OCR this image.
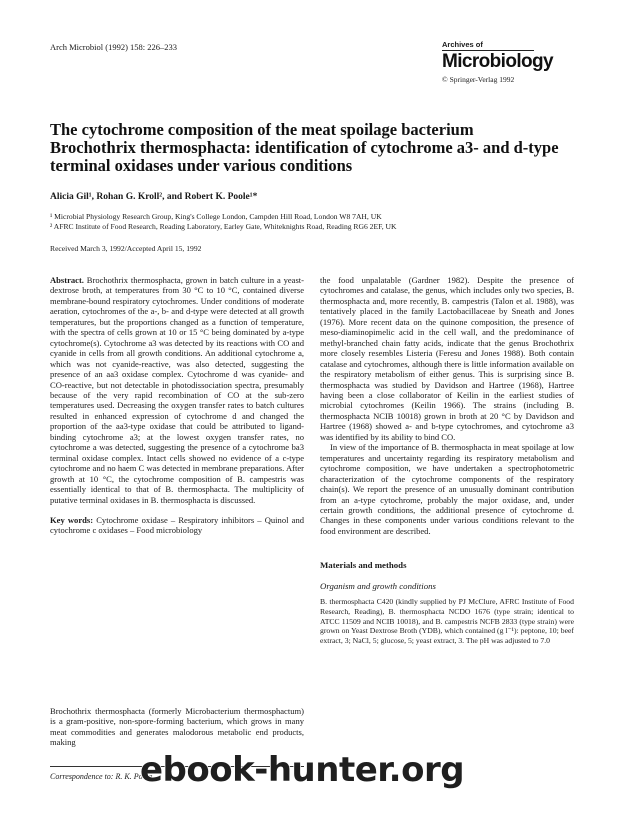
Arch Microbiol (1992) 158: 226–233	Archives of
Microbiology
© Springer-Verlag 1992
The cytochrome composition of the meat spoilage bacterium
Brochothrix thermosphacta: identification of cytochrome a3- and d-type
terminal oxidases under various conditions
Alicia Gil¹, Rohan G. Kroll², and Robert K. Poole¹*
¹ Microbial Physiology Research Group, King's College London, Campden Hill Road, London W8 7AH, UK
² AFRC Institute of Food Research, Reading Laboratory, Earley Gate, Whiteknights Road, Reading RG6 2EF, UK
Received March 3, 1992/Accepted April 15, 1992

Abstract. Brochothrix thermosphacta, grown in batch culture in a yeast-dextrose broth, at temperatures from 30 °C to 10 °C, contained diverse membrane-bound respiratory cytochromes. Under conditions of moderate aeration, cytochromes of the a-, b- and d-type were detected at all growth temperatures, but the proportions changed as a function of temperature, with the spectra of cells grown at 10 or 15 °C being dominated by a-type cytochrome(s). Cytochrome a3 was detected by its reactions with CO and cyanide in cells from all growth conditions. An additional cytochrome a, which was not cyanide-reactive, was also detected, suggesting the presence of an aa3 oxidase complex. Cytochrome d was cyanide- and CO-reactive, but not detectable in photodissociation spectra, presumably because of the very rapid recombination of CO at the sub-zero temperatures used. Decreasing the oxygen transfer rates to batch cultures resulted in enhanced expression of cytochrome d and changed the proportion of the aa3-type oxidase that could be attributed to ligand-binding cytochrome a3; at the lowest oxygen transfer rates, no cytochrome a was detected, suggesting the presence of a cytochrome ba3 terminal oxidase complex. Intact cells showed no evidence of a c-type cytochrome and no haem C was detected in membrane preparations. After growth at 10 °C, the cytochrome composition of B. campestris was essentially identical to that of B. thermosphacta. The multiplicity of putative terminal oxidases in B. thermosphacta is discussed.

Key words: Cytochrome oxidase – Respiratory inhibitors – Quinol and cytochrome c oxidases – Food microbiology

Brochothrix thermosphacta (formerly Microbacterium thermosphactum) is a gram-positive, non-spore-forming bacterium, which grows in many meat commodities and generates malodorous metabolic end products, making

Correspondence to: R. K. Poole

the food unpalatable (Gardner 1982). Despite the presence of cytochromes and catalase, the genus, which includes only two species, B. thermosphacta and, more recently, B. campestris (Talon et al. 1988), was tentatively placed in the family Lactobacillaceae by Sneath and Jones (1976). More recent data on the quinone composition, the presence of meso-diaminopimelic acid in the cell wall, and the predominance of methyl-branched chain fatty acids, indicate that the genus Brochothrix more closely resembles Listeria (Feresu and Jones 1988). Both contain catalase and cytochromes, although there is little information available on the respiratory metabolism of either genus. This is surprising since B. thermosphacta was studied by Davidson and Hartree (1968), Hartree having been a close collaborator of Keilin in the earliest studies of microbial cytochromes (Keilin 1966). The strains (including B. thermosphacta NCIB 10018) grown in broth at 20 °C by Davidson and Hartree (1968) showed a- and b-type cytochromes, and cytochrome a3 was identified by its ability to bind CO.

In view of the importance of B. thermosphacta in meat spoilage at low temperatures and uncertainty regarding its respiratory metabolism and cytochrome composition, we have undertaken a spectrophotometric characterization of the cytochrome components of the respiratory chain(s). We report the presence of an unusually dominant contribution from an a-type cytochrome, probably the major oxidase, and, under certain growth conditions, the additional presence of cytochrome d. Changes in these components under various conditions relevant to the food environment are described.

Materials and methods

Organism and growth conditions

B. thermosphacta C420 (kindly supplied by PJ McClure, AFRC Institute of Food Research, Reading), B. thermosphacta NCDO 1676 (type strain; identical to ATCC 11509 and NCIB 10018), and B. campestris NCFB 2833 (type strain) were grown on Yeast Dextrose Broth (YDB), which contained (g l⁻¹): peptone, 10; beef extract, 3; NaCl, 5; glucose, 5; yeast extract, 3. The pH was adjusted to 7.0

ebook-hunter.org
